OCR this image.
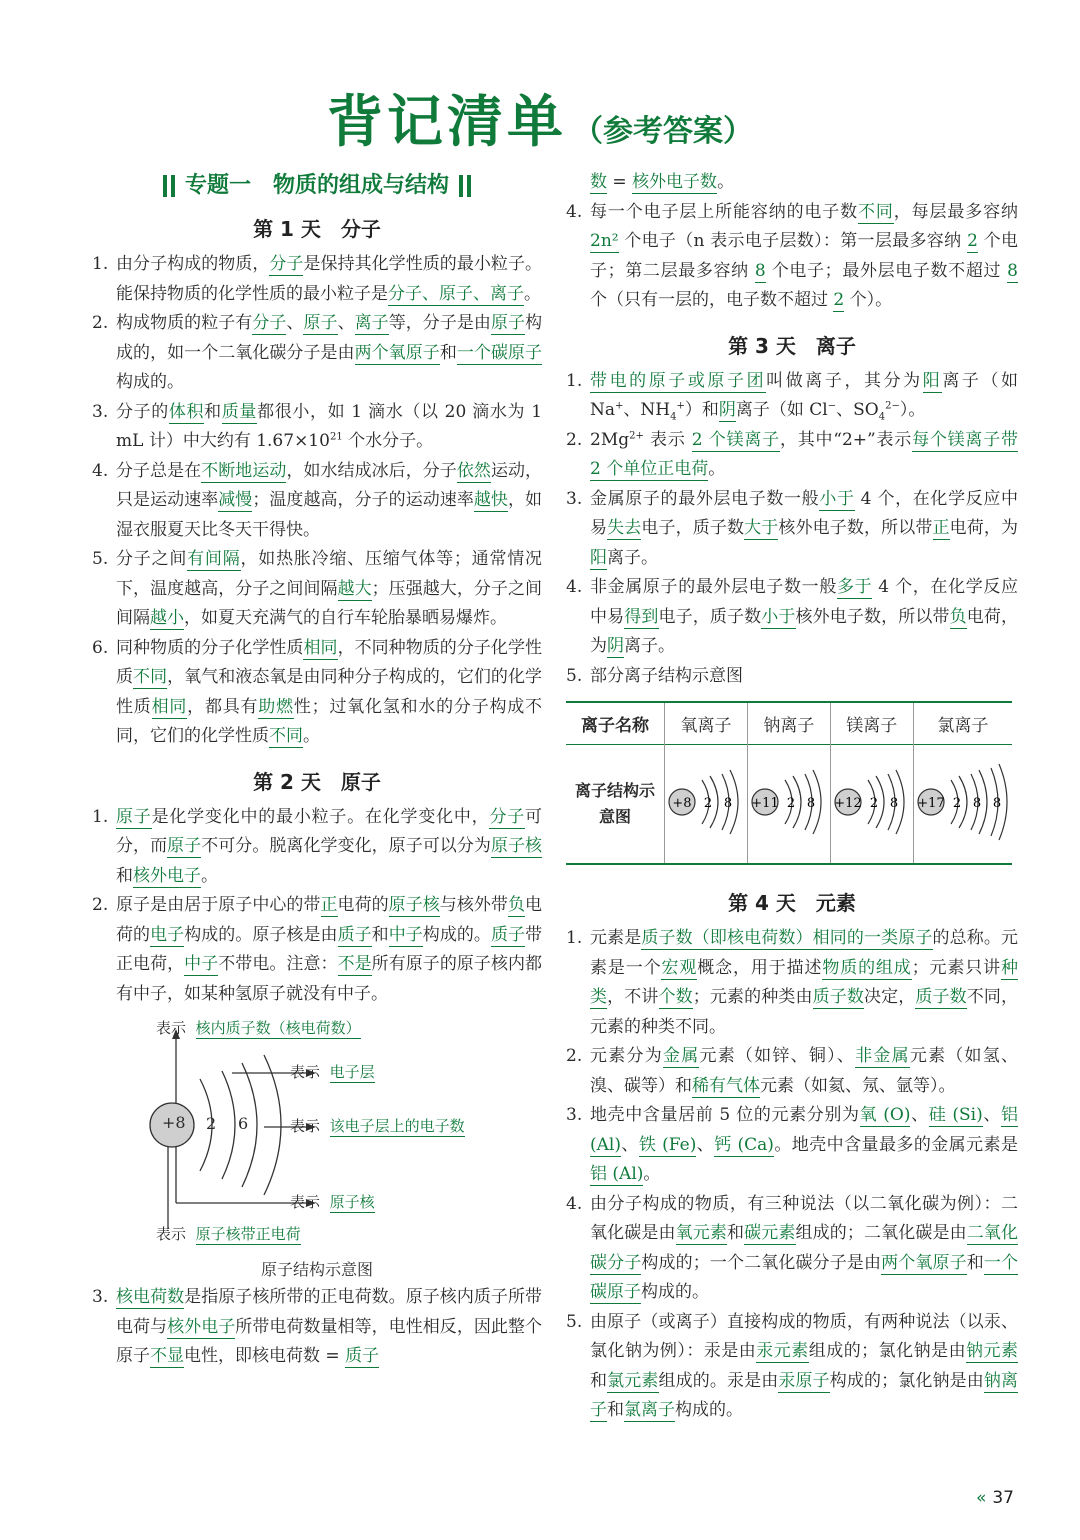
背记清单 （参考答案）
专题一　物质的组成与结构
第 1 天　分子
1. 由分子构成的物质，分子是保持其化学性质的最小粒子。能保持物质的化学性质的最小粒子是分子、原子、离子。
2. 构成物质的粒子有分子、原子、离子等，分子是由原子构成的，如一个二氧化碳分子是由两个氧原子和一个碳原子构成的。
3. 分子的体积和质量都很小，如 1 滴水（以 20 滴水为 1 mL 计）中大约有 $1.67\times 10^{21}$ 个水分子。
4. 分子总是在不断地运动，如水结成冰后，分子依然运动，只是运动速率减慢；温度越高，分子的运动速率越快，如湿衣服夏天比冬天干得快。
5. 分子之间有间隔，如热胀冷缩、压缩气体等；通常情况下，温度越高，分子之间间隔越大；压强越大，分子之间间隔越小，如夏天充满气的自行车轮胎暴晒易爆炸。
6. 同种物质的分子化学性质相同，不同种物质的分子化学性质不同，氧气和液态氧是由同种分子构成的，它们的化学性质相同，都具有助燃性；过氧化氢和水的分子构成不同，它们的化学性质不同。
第 2 天　原子
1. 原子是化学变化中的最小粒子。在化学变化中，分子可分，而原子不可分。脱离化学变化，原子可以分为原子核和核外电子。
2. 原子是由居于原子中心的带正电荷的原子核与核外带负电荷的电子构成的。原子核是由质子和中子构成的。质子带正电荷，中子不带电。注意：不是所有原子的原子核内都有中子，如某种氢原子就没有中子。
+8 2 6
表示 核内质子数（核电荷数）
表示 电子层
表示 该电子层上的电子数
表示 原子核
表示 原子核带正电荷
原子结构示意图
3. 核电荷数是指原子核所带的正电荷数。原子核内质子所带电荷与核外电子所带电荷数量相等，电性相反，因此整个原子不显电性，即核电荷数 = 质子
数 = 核外电子数。
4. 每一个电子层上所能容纳的电子数不同，每层最多容纳 2n² 个电子（n 表示电子层数）：第一层最多容纳 2 个电子；第二层最多容纳 8 个电子；最外层电子数不超过 8 个（只有一层的，电子数不超过 2 个）。
第 3 天　离子
1. 带电的原子或原子团叫做离子，其分为阳离子（如 Na+、$NH_4^+$）和阴离子（如 Cl−、$SO_4^{2-}$）。
2. $2Mg^{2+}$ 表示 2 个镁离子，其中“2+”表示每个镁离子带 2 个单位正电荷。
3. 金属原子的最外层电子数一般小于 4 个，在化学反应中易失去电子，质子数大于核外电子数，所以带正电荷，为阳离子。
4. 非金属原子的最外层电子数一般多于 4 个，在化学反应中易得到电子，质子数小于核外电子数，所以带负电荷，为阴离子。
5. 部分离子结构示意图
离子名称	氧离子	钠离子	镁离子	氯离子
离子结构示意图	+8 2 8	+11 2 8	+12 2 8	+17 2 8 8
第 4 天　元素
1. 元素是质子数（即核电荷数）相同的一类原子的总称。元素是一个宏观概念，用于描述物质的组成；元素只讲种类，不讲个数；元素的种类由质子数决定，质子数不同，元素的种类不同。
2. 元素分为金属元素（如锌、铜）、非金属元素（如氢、溴、碳等）和稀有气体元素（如氦、氖、氩等）。
3. 地壳中含量居前 5 位的元素分别为氧 (O)、硅 (Si)、铝 (Al)、铁 (Fe)、钙 (Ca)。地壳中含量最多的金属元素是铝 (Al)。
4. 由分子构成的物质，有三种说法（以二氧化碳为例）：二氧化碳是由氧元素和碳元素组成的；二氧化碳是由二氧化碳分子构成的；一个二氧化碳分子是由两个氧原子和一个碳原子构成的。
5. 由原子（或离子）直接构成的物质，有两种说法（以汞、氯化钠为例）：汞是由汞元素组成的；氯化钠是由钠元素和氯元素组成的。汞是由汞原子构成的；氯化钠是由钠离子和氯离子构成的。
« 37
